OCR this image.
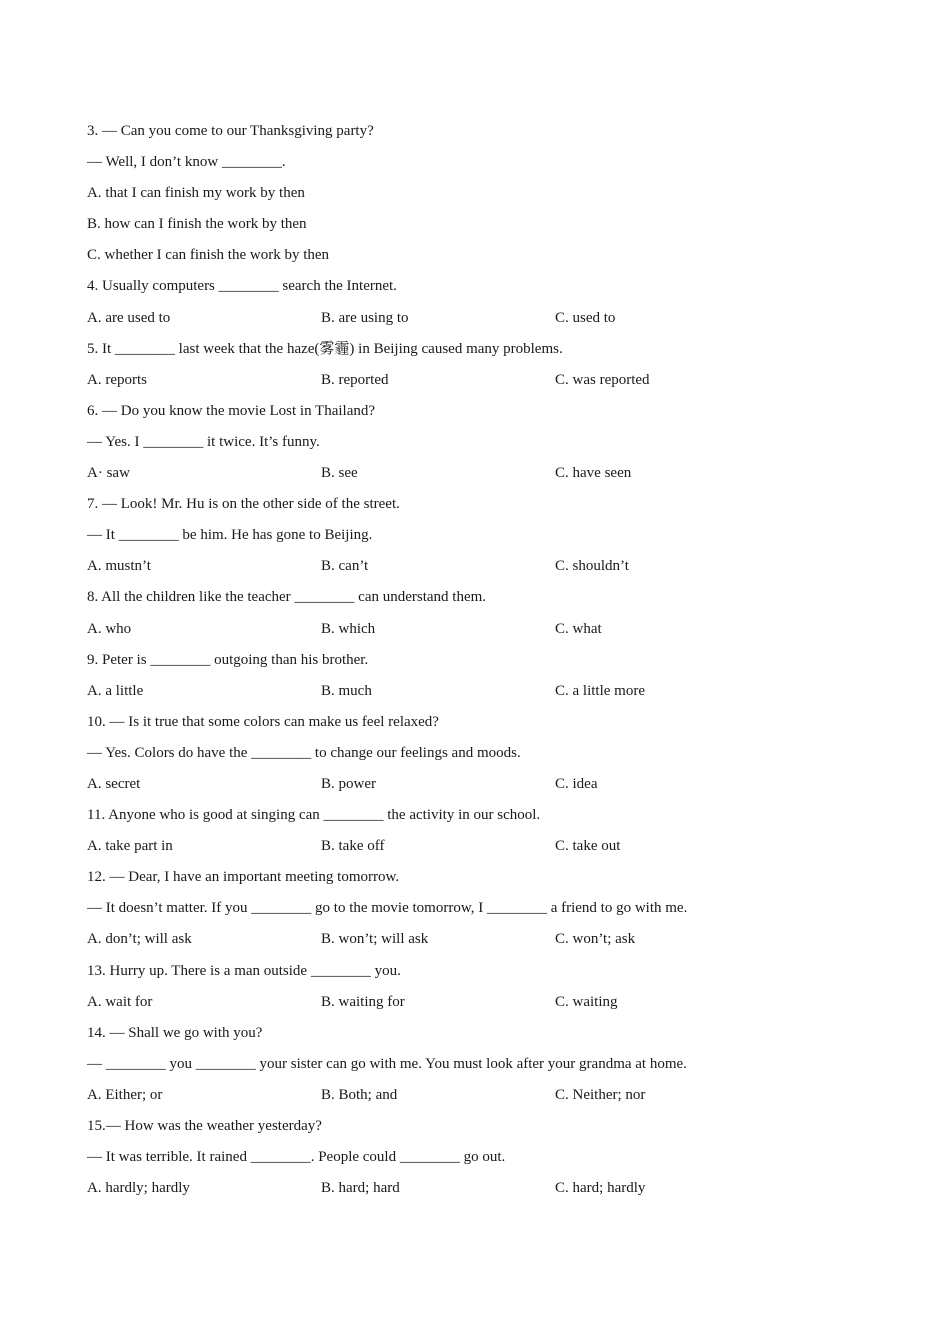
3. — Can you come to our Thanksgiving party?
— Well, I don’t know ________.
A. that I can finish my work by then
B. how can I finish the work by then
C. whether I can finish the work by then
4. Usually computers ________ search the Internet.
A. are used to	B. are using to	C. used to
5. It ________ last week that the haze(雾霾) in Beijing caused many problems.
A. reports	B. reported	C. was reported
6. — Do you know the movie Lost in Thailand?
— Yes. I ________ it twice. It’s funny.
A· saw	B. see	C. have seen
7. — Look! Mr. Hu is on the other side of the street.
— It ________ be him. He has gone to Beijing.
A. mustn’t	B. can’t	C. shouldn’t
8. All the children like the teacher ________ can understand them.
A. who	B. which	C. what
9. Peter is ________ outgoing than his brother.
A. a little	B. much	C. a little more
10. — Is it true that some colors can make us feel relaxed?
— Yes. Colors do have the ________ to change our feelings and moods.
A. secret	B. power	C. idea
11. Anyone who is good at singing can ________ the activity in our school.
A. take part in	B. take off	C. take out
12. — Dear, I have an important meeting tomorrow.
— It doesn’t matter. If you ________ go to the movie tomorrow, I ________ a friend to go with me.
A. don’t; will ask	B. won’t; will ask	C. won’t; ask
13. Hurry up. There is a man outside ________ you.
A. wait for	B. waiting for	C. waiting
14. — Shall we go with you?
— ________ you ________ your sister can go with me. You must look after your grandma at home.
A. Either; or	B. Both; and	C. Neither; nor
15.— How was the weather yesterday?
— It was terrible. It rained ________. People could ________ go out.
A. hardly; hardly	B. hard; hard	C. hard; hardly
